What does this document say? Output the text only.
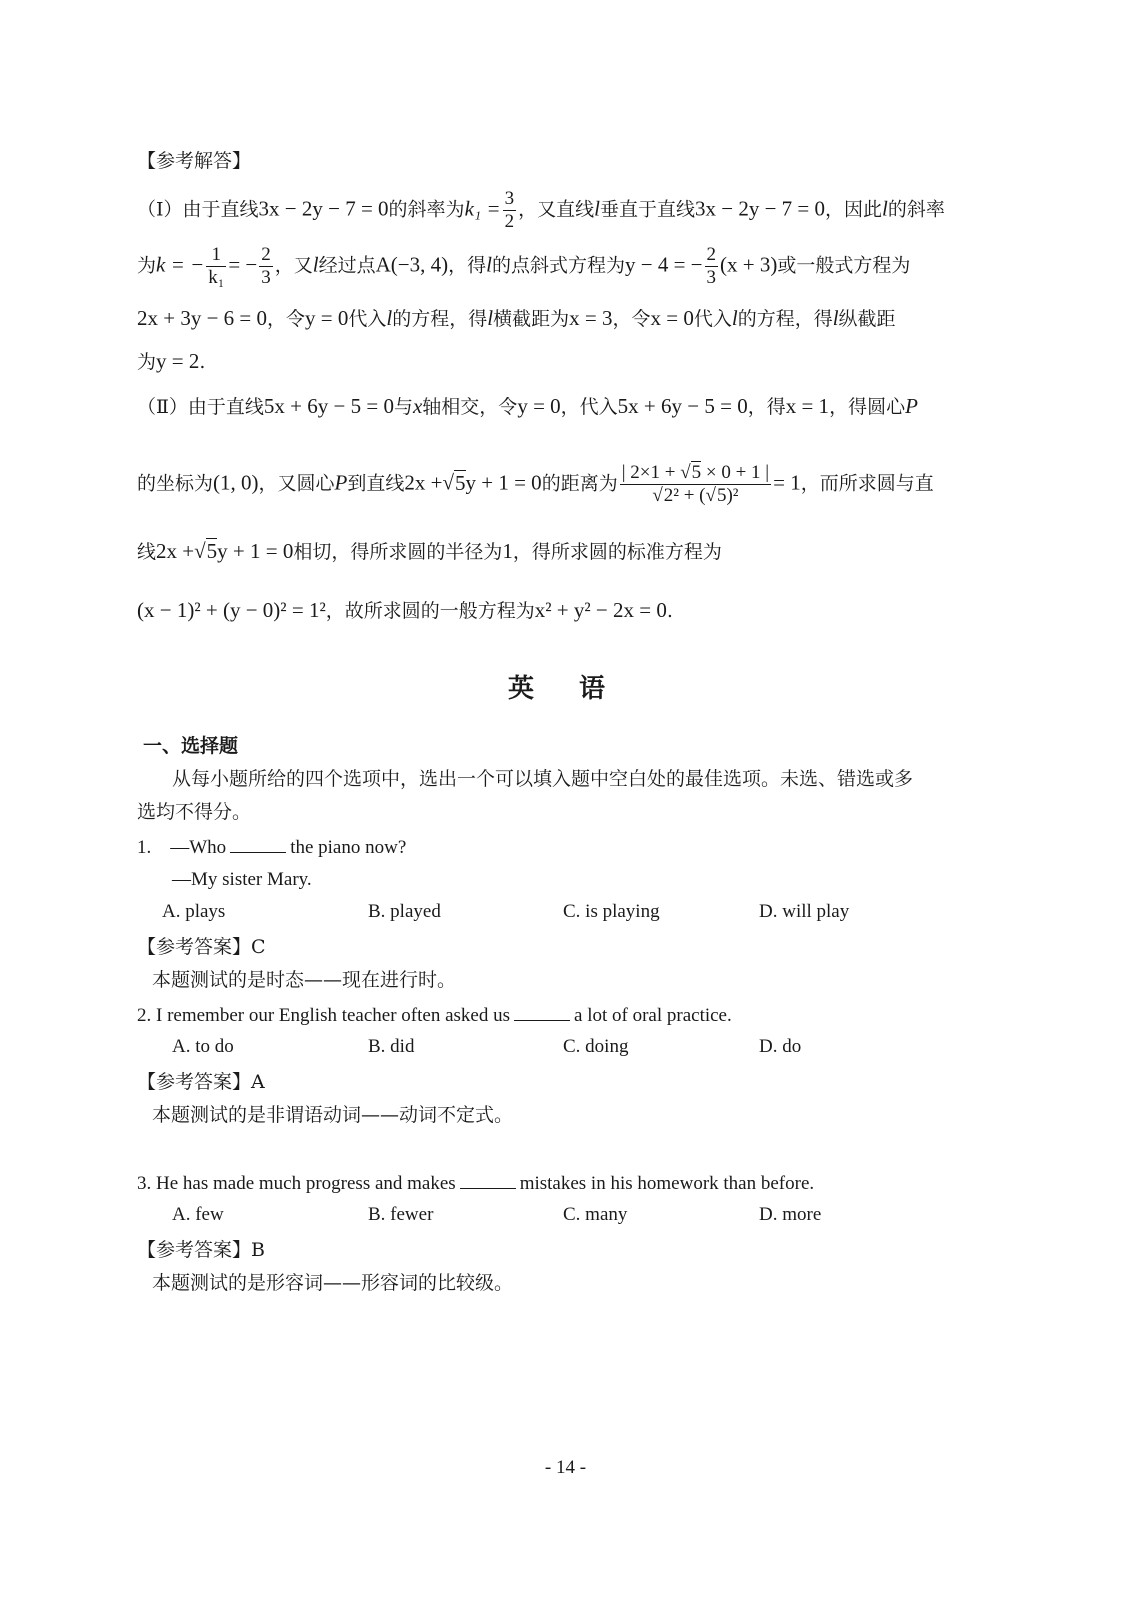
【参考解答】
（Ⅰ）由于直线3x − 2y − 7 = 0的斜率为$k_1 = \frac{3}{2}$ ，又直线l垂直于直线3x − 2y − 7 = 0，因此l的斜率
为k = − $\frac{1}{\text{k₁}}$ = − $\frac{2}{3}$ ，又l经过点A(−3, 4)，得l的点斜式方程为y − 4 = − $\frac{2}{3} (x + 3)$或一般式方程为
2x + 3y − 6 = 0，令y = 0代入l的方程，得l横截距为x = 3，令x = 0代入l的方程，得l纵截距
为y = 2.
（Ⅱ）由于直线5x + 6y − 5 = 0与x轴相交，令y = 0，代入5x + 6y − 5 = 0，得x = 1，得圆心P
的坐标为(1, 0)，又圆心P到直线2x +√5y + 1 = 0的距离为 $\frac{| 2\times 1 + √5 \times 0 + 1 |}{\text{√2² + (√5)²}} = 1$，而所求圆与直
线2x +√5y + 1 = 0相切，得所求圆的半径为1，得所求圆的标准方程为
(x − 1)² + (y − 0)² = 1²，故所求圆的一般方程为x² + y² − 2x = 0.
英 语
一、选择题
从每小题所给的四个选项中，选出一个可以填入题中空白处的最佳选项。未选、错选或多
选均不得分。
1.　—Who	the piano now?
—My sister Mary.
A. plays	B. played	C. is playing	D. will play
【参考答案】C
本题测试的是时态——现在进行时。
2. I remember our English teacher often asked us	a lot of oral practice.
A. to do	B. did	C. doing	D. do
【参考答案】A
本题测试的是非谓语动词——动词不定式。
3. He has made much progress and makes	mistakes in his homework than before.
A. few	B. fewer	C. many	D. more
【参考答案】B
本题测试的是形容词——形容词的比较级。
- 14 -
